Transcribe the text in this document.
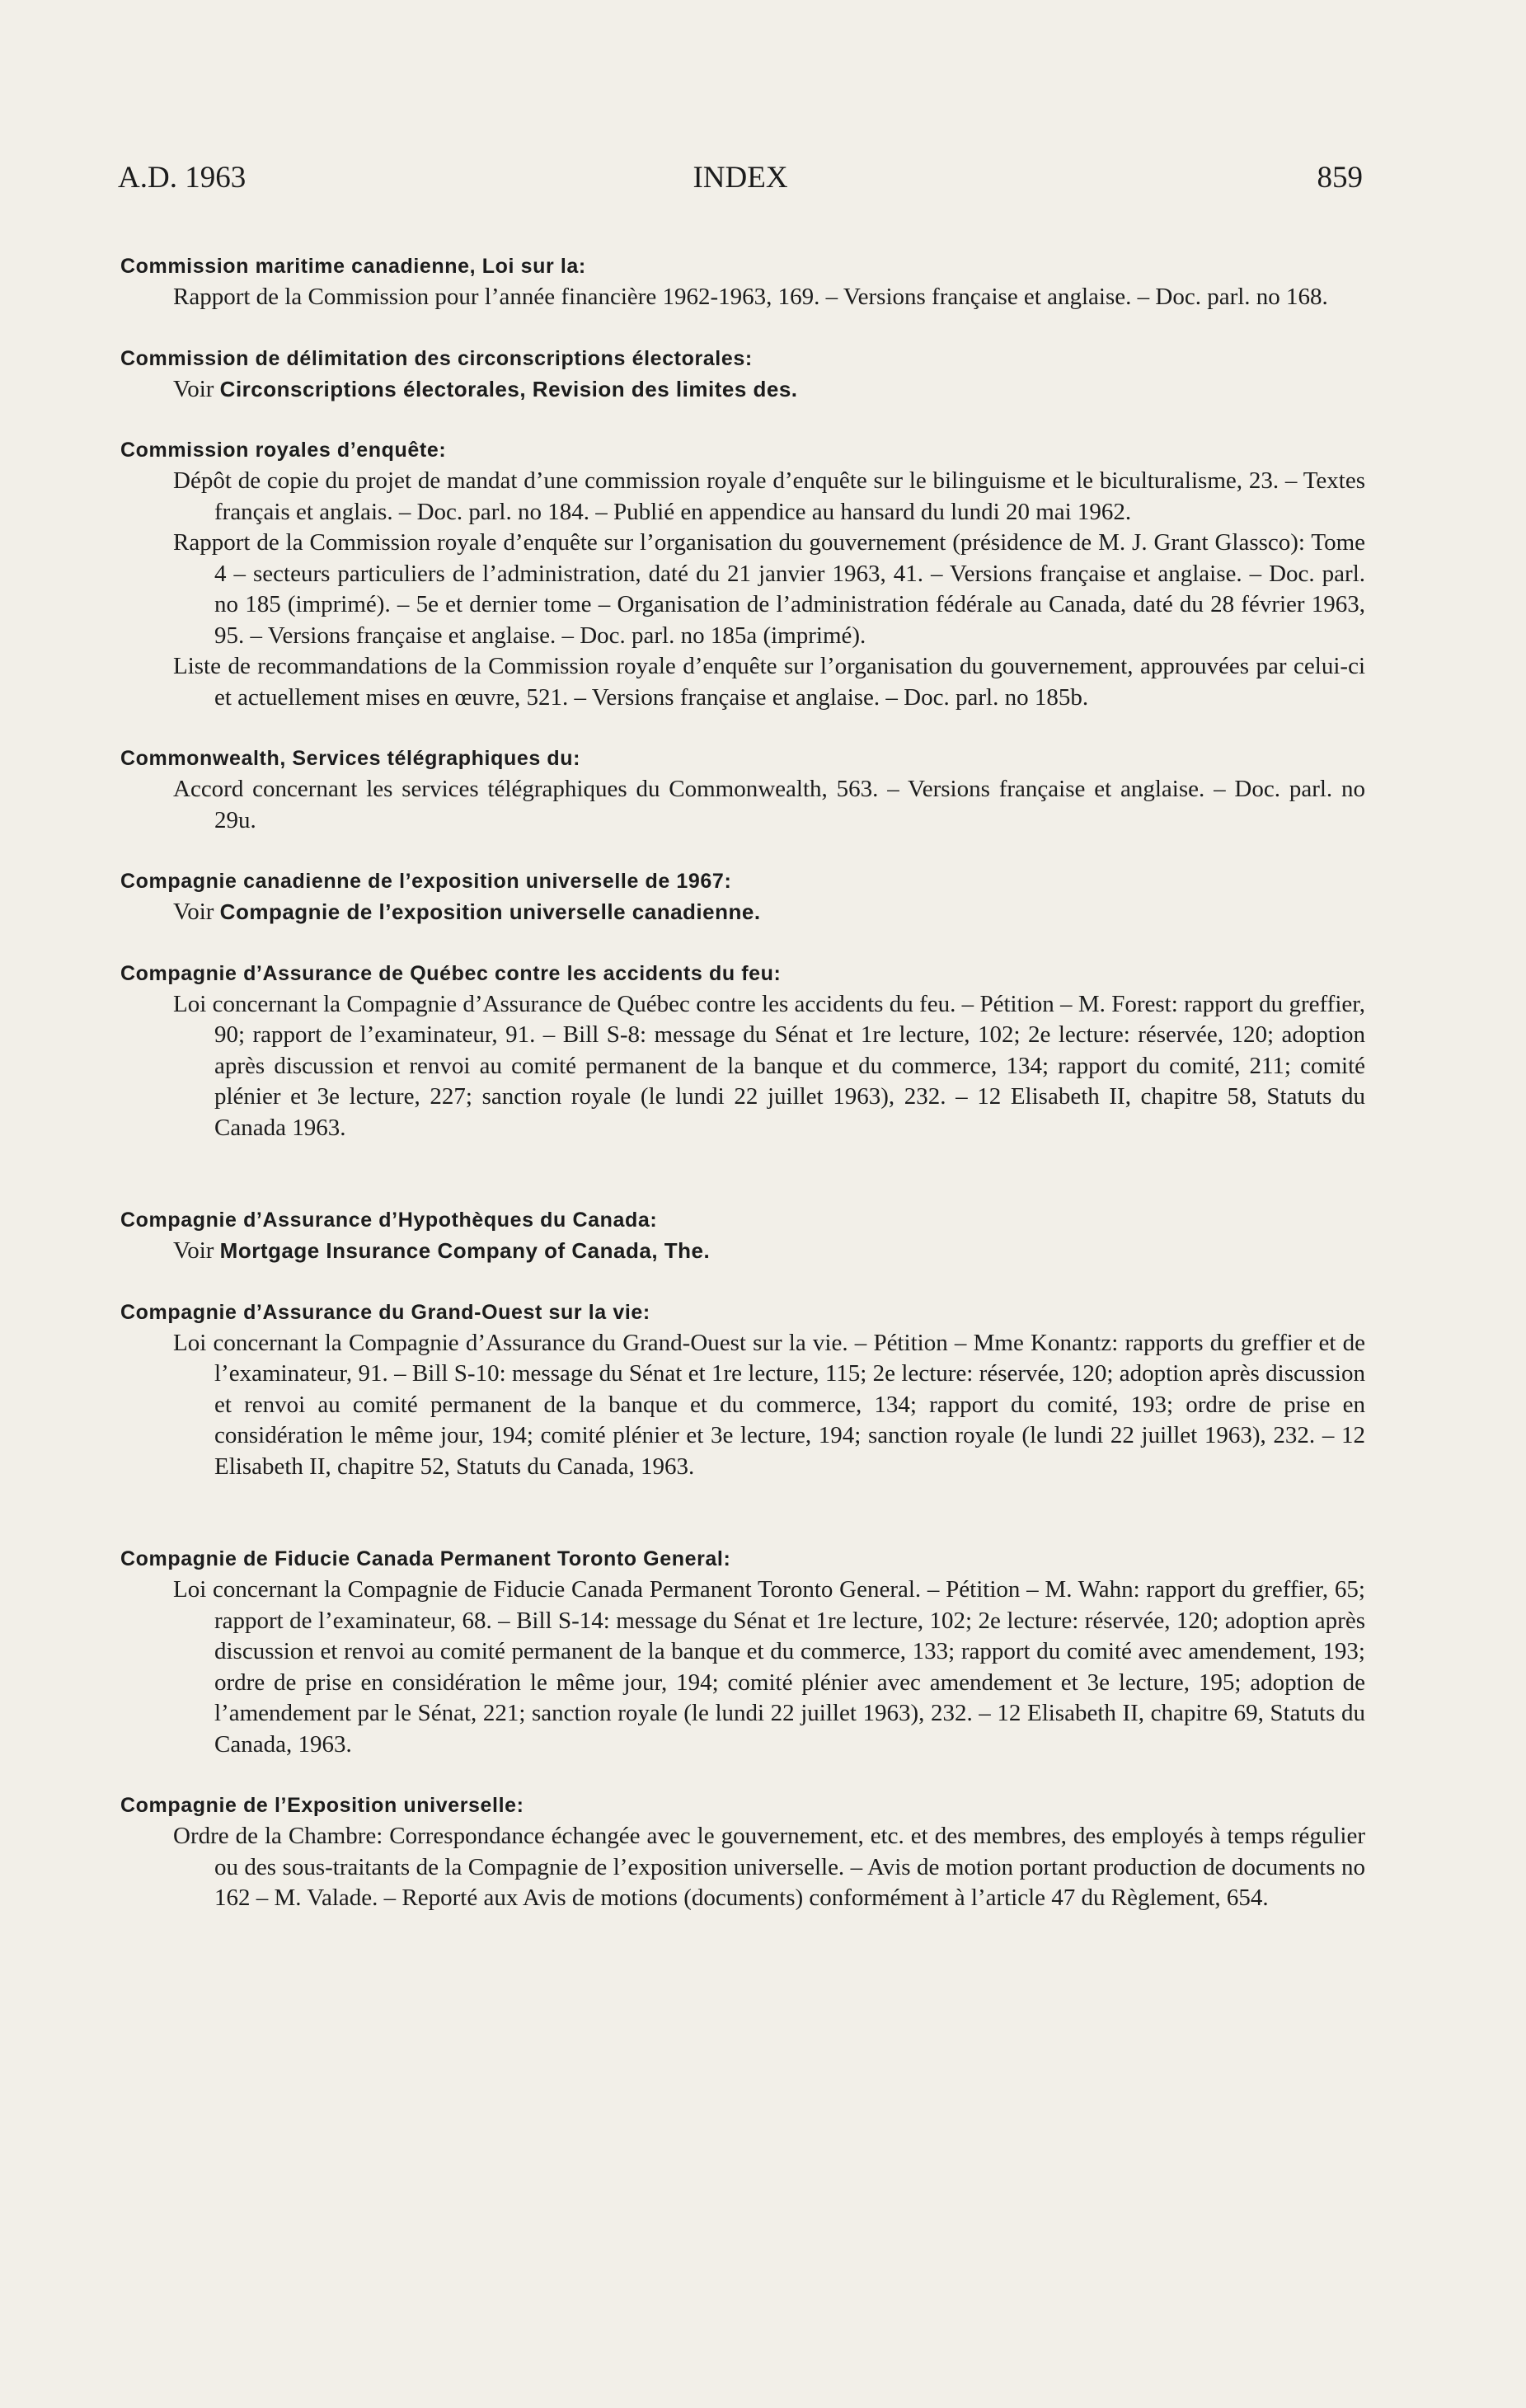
A.D. 1963	INDEX	859

Commission maritime canadienne, Loi sur la:

Rapport de la Commission pour l’année financière 1962-1963, 169. – Versions française et anglaise. – Doc. parl. no 168.

Commission de délimitation des circonscriptions électorales:

Voir Circonscriptions électorales, Revision des limites des.

Commission royales d’enquête:

Dépôt de copie du projet de mandat d’une commission royale d’enquête sur le bilinguisme et le biculturalisme, 23. – Textes français et anglais. – Doc. parl. no 184. – Publié en appendice au hansard du lundi 20 mai 1962.

Rapport de la Commission royale d’enquête sur l’organisation du gouvernement (présidence de M. J. Grant Glassco): Tome 4 – secteurs particuliers de l’administration, daté du 21 janvier 1963, 41. – Versions française et anglaise. – Doc. parl. no 185 (imprimé). – 5e et dernier tome – Organisation de l’administration fédérale au Canada, daté du 28 février 1963, 95. – Versions française et anglaise. – Doc. parl. no 185a (imprimé).

Liste de recommandations de la Commission royale d’enquête sur l’organisation du gouvernement, approuvées par celui-ci et actuellement mises en œuvre, 521. – Versions française et anglaise. – Doc. parl. no 185b.

Commonwealth, Services télégraphiques du:

Accord concernant les services télégraphiques du Commonwealth, 563. – Versions française et anglaise. – Doc. parl. no 29u.

Compagnie canadienne de l’exposition universelle de 1967:

Voir Compagnie de l’exposition universelle canadienne.

Compagnie d’Assurance de Québec contre les accidents du feu:

Loi concernant la Compagnie d’Assurance de Québec contre les accidents du feu. – Pétition – M. Forest: rapport du greffier, 90; rapport de l’examinateur, 91. – Bill S-8: message du Sénat et 1re lecture, 102; 2e lecture: réservée, 120; adoption après discussion et renvoi au comité permanent de la banque et du commerce, 134; rapport du comité, 211; comité plénier et 3e lecture, 227; sanction royale (le lundi 22 juillet 1963), 232. – 12 Elisabeth II, chapitre 58, Statuts du Canada 1963.

Compagnie d’Assurance d’Hypothèques du Canada:

Voir Mortgage Insurance Company of Canada, The.

Compagnie d’Assurance du Grand-Ouest sur la vie:

Loi concernant la Compagnie d’Assurance du Grand-Ouest sur la vie. – Pétition – Mme Konantz: rapports du greffier et de l’examinateur, 91. – Bill S-10: message du Sénat et 1re lecture, 115; 2e lecture: réservée, 120; adoption après discussion et renvoi au comité permanent de la banque et du commerce, 134; rapport du comité, 193; ordre de prise en considération le même jour, 194; comité plénier et 3e lecture, 194; sanction royale (le lundi 22 juillet 1963), 232. – 12 Elisabeth II, chapitre 52, Statuts du Canada, 1963.

Compagnie de Fiducie Canada Permanent Toronto General:

Loi concernant la Compagnie de Fiducie Canada Permanent Toronto General. – Pétition – M. Wahn: rapport du greffier, 65; rapport de l’examinateur, 68. – Bill S-14: message du Sénat et 1re lecture, 102; 2e lecture: réservée, 120; adoption après discussion et renvoi au comité permanent de la banque et du commerce, 133; rapport du comité avec amendement, 193; ordre de prise en considération le même jour, 194; comité plénier avec amendement et 3e lecture, 195; adoption de l’amendement par le Sénat, 221; sanction royale (le lundi 22 juillet 1963), 232. – 12 Elisabeth II, chapitre 69, Statuts du Canada, 1963.

Compagnie de l’Exposition universelle:

Ordre de la Chambre: Correspondance échangée avec le gouvernement, etc. et des membres, des employés à temps régulier ou des sous-traitants de la Compagnie de l’exposition universelle. – Avis de motion portant production de documents no 162 – M. Valade. – Reporté aux Avis de motions (documents) conformément à l’article 47 du Règlement, 654.
